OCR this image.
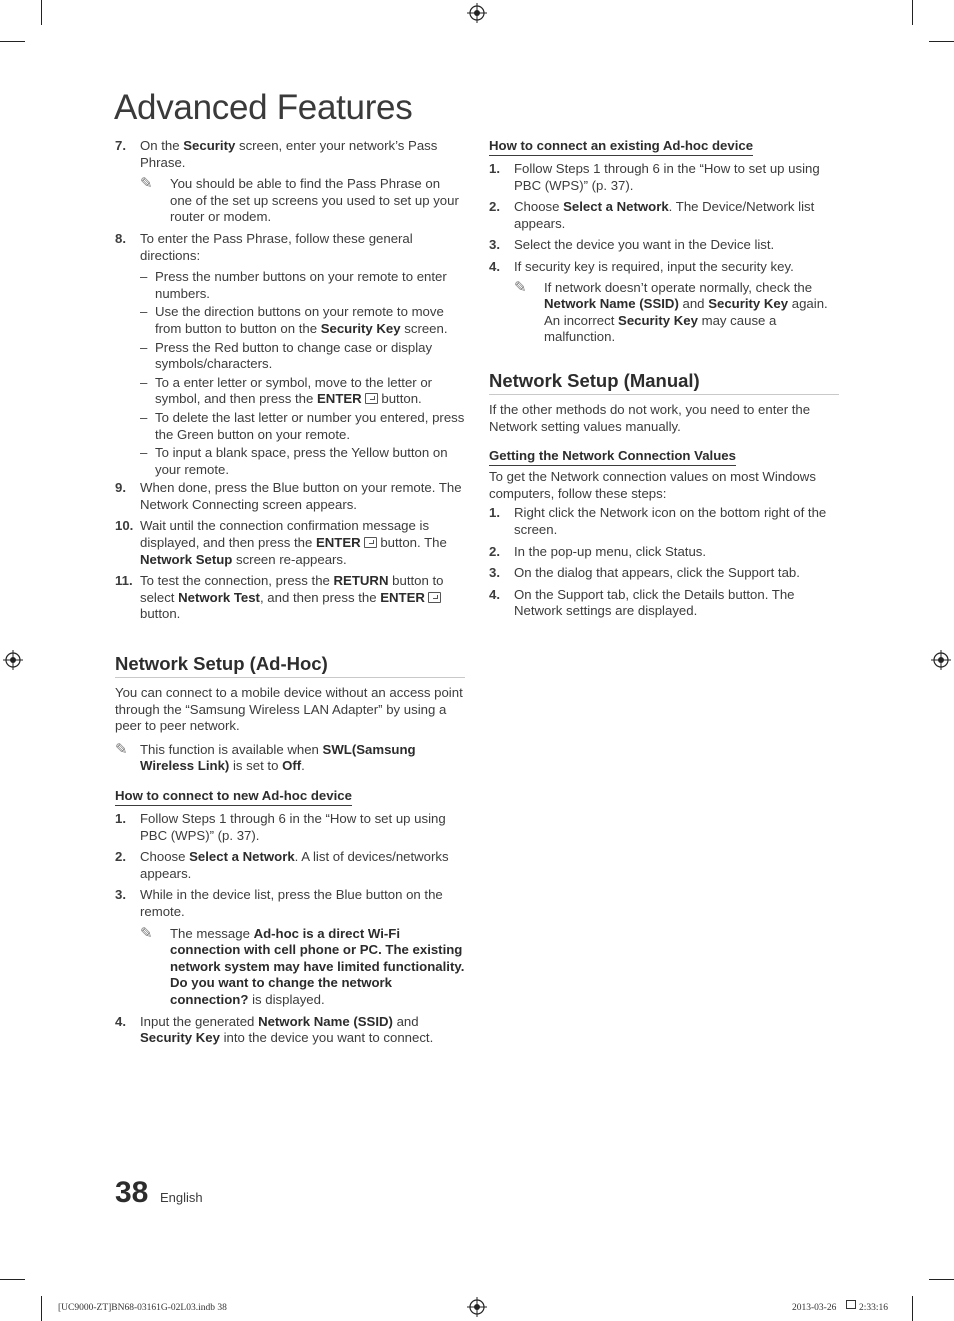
Advanced Features
7.	On the Security screen, enter your network’s Pass Phrase.

✎	You should be able to find the Pass Phrase on one of the set up screens you used to set up your router or modem.
8.	To enter the Pass Phrase, follow these general directions:

– Press the number buttons on your remote to enter numbers.
– Use the direction buttons on your remote to move from button to button on the Security Key screen.
– Press the Red button to change case or display symbols/characters.
– To a enter letter or symbol, move to the letter or symbol, and then press the ENTER button.
– To delete the last letter or number you entered, press the Green button on your remote.
– To input a blank space, press the Yellow button on your remote.
9.	When done, press the Blue button on your remote. The Network Connecting screen appears.

10. Wait until the connection confirmation message is displayed, and then press the ENTER button. The Network Setup screen re-appears.

11. To test the connection, press the RETURN button to select Network Test, and then press the ENTER button.

Network Setup (Ad-Hoc)

You can connect to a mobile device without an access point through the “Samsung Wireless LAN Adapter” by using a peer to peer network.

✎ This function is available when SWL(Samsung Wireless Link) is set to Off.
How to connect to new Ad-hoc device
1.	Follow Steps 1 through 6 in the “How to set up using PBC (WPS)” (p. 37).

2.	Choose Select a Network. A list of devices/networks appears.

3.	While in the device list, press the Blue button on the remote.

✎	The message Ad-hoc is a direct Wi-Fi connection with cell phone or PC. The existing network system may have limited functionality. Do you want to change the network connection? is displayed.
4.	Input the generated Network Name (SSID) and Security Key into the device you want to connect.

How to connect an existing Ad-hoc device
1.	Follow Steps 1 through 6 in the “How to set up using PBC (WPS)” (p. 37).

2.	Choose Select a Network. The Device/Network list appears.

3.	Select the device you want in the Device list.

4.	If security key is required, input the security key.

✎	If network doesn’t operate normally, check the Network Name (SSID) and Security Key again. An incorrect Security Key may cause a malfunction.
Network Setup (Manual)

If the other methods do not work, you need to enter the Network setting values manually.

Getting the Network Connection Values

To get the Network connection values on most Windows computers, follow these steps:

1.	Right click the Network icon on the bottom right of the screen.

2.	In the pop-up menu, click Status.

3.	On the dialog that appears, click the Support tab.

4.	On the Support tab, click the Details button. The Network settings are displayed.

38 English
[UC9000-ZT]BN68-03161G-02L03.indb 38	2013-03-26 2:33:16
